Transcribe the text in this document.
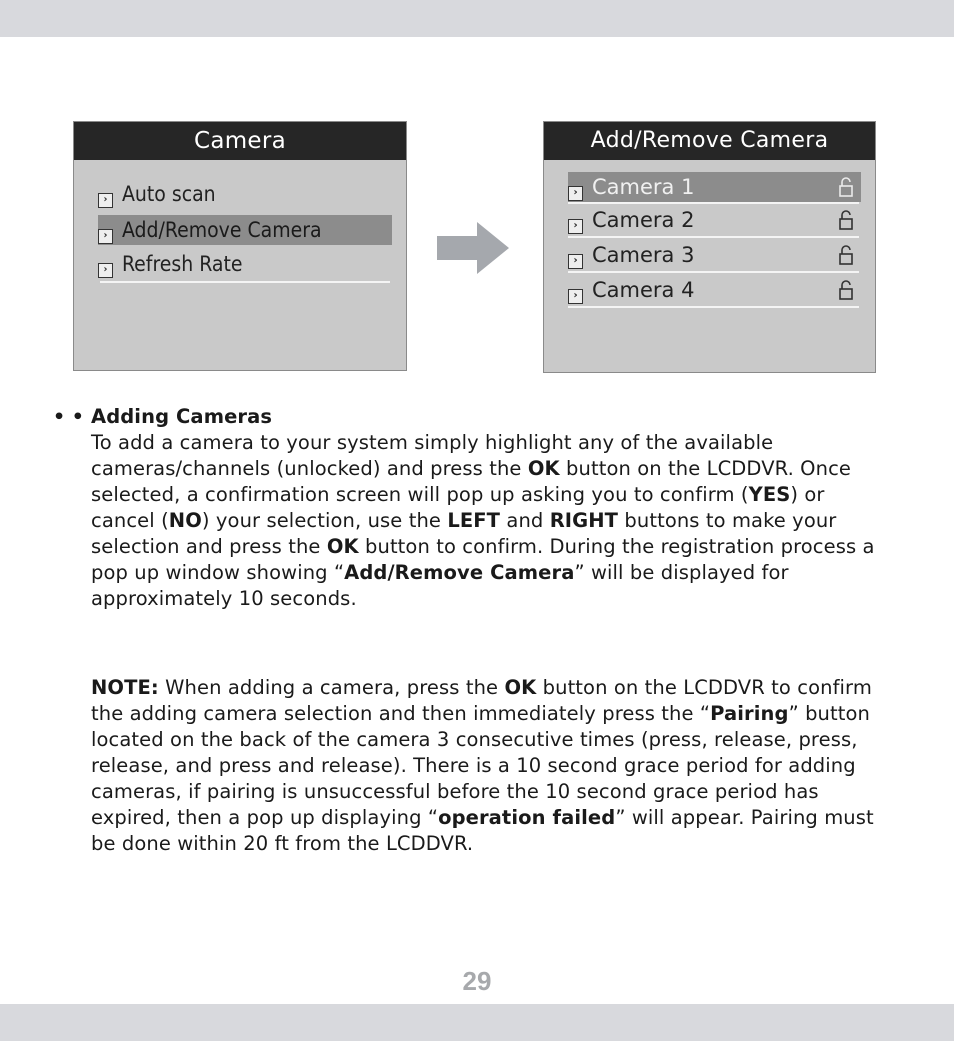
Camera
› Auto scan
› Add/Remove Camera
› Refresh Rate
Add/Remove Camera
› Camera 1
› Camera 2
› Camera 3
› Camera 4
• • Adding Cameras
To add a camera to your system simply highlight any of the available cameras/channels (unlocked) and press the OK button on the LCDDVR. Once selected, a confirmation screen will pop up asking you to confirm (YES) or cancel (NO) your selection, use the LEFT and RIGHT buttons to make your selection and press the OK button to confirm. During the registration process a pop up window showing “Add/Remove Camera” will be displayed for approximately 10 seconds.
NOTE: When adding a camera, press the OK button on the LCDDVR to confirm the adding camera selection and then immediately press the “Pairing” button located on the back of the camera 3 consecutive times (press, release, press, release, and press and release). There is a 10 second grace period for adding cameras, if pairing is unsuccessful before the 10 second grace period has expired, then a pop up displaying “operation failed” will appear. Pairing must be done within 20 ft from the LCDDVR.
29
